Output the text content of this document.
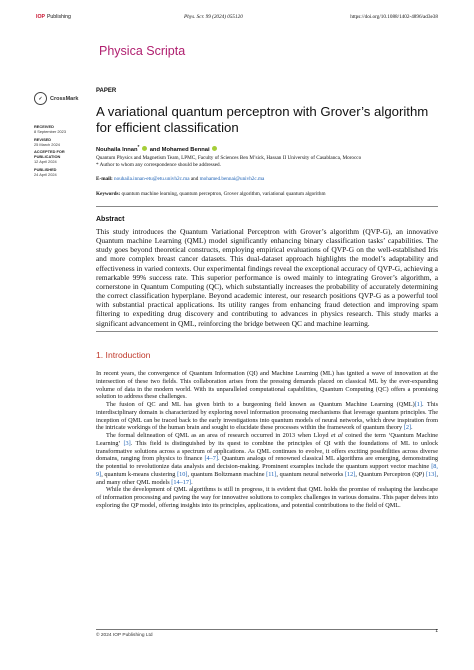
IOP Publishing	Phys. Scr. 99 (2024) 055120	https://doi.org/10.1088/1402-4896/ad3e38
Physica Scripta
✓	CrossMark
RECEIVED
8 September 2023
REVISED
25 March 2024
ACCEPTED FOR PUBLICATION
12 April 2024
PUBLISHED
24 April 2024
PAPER
A variational quantum perceptron with Grover’s algorithm for efficient classification
Nouhaila Innan* and Mohamed Bennai
Quantum Physics and Magnetism Team, LPMC, Faculty of Sciences Ben M’sick, Hassan II University of Casablanca, Morocco
* Author to whom any correspondence should be addressed.
E-mail: nouhaila.innan-etu@etu.univh2c.ma and mohamed.bennai@univh2c.ma
Keywords: quantum machine learning, quantum perceptron, Grover algorithm, variational quantum algorithm
Abstract
This study introduces the Quantum Variational Perceptron with Grover’s algorithm (QVP-G), an innovative Quantum machine Learning (QML) model significantly enhancing binary classification tasks’ capabilities. The study goes beyond theoretical constructs, employing empirical evaluations of QVP-G on the well-established Iris and more complex breast cancer datasets. This dual-dataset approach highlights the model’s adaptability and effectiveness in varied contexts. Our experimental findings reveal the exceptional accuracy of QVP-G, achieving a remarkable 99% success rate. This superior performance is owed mainly to integrating Grover’s algorithm, a cornerstone in Quantum Computing (QC), which substantially increases the probability of accurately determining the correct classification hyperplane. Beyond academic interest, our research positions QVP-G as a powerful tool with substantial practical applications. Its utility ranges from enhancing fraud detection and improving spam filtering to expediting drug discovery and contributing to advances in physics research. This study marks a significant advancement in QML, reinforcing the bridge between QC and machine learning.
1. Introduction

In recent years, the convergence of Quantum Information (QI) and Machine Learning (ML) has ignited a wave of innovation at the intersection of these two fields. This collaboration arises from the pressing demands placed on classical ML by the ever-expanding volume of data in the modern world. With its unparalleled computational capabilities, Quantum Computing (QC) offers a promising solution to address these challenges.

The fusion of QC and ML has given birth to a burgeoning field known as Quantum Machine Learning (QML)[1]. This interdisciplinary domain is characterized by exploring novel information processing mechanisms that leverage quantum principles. The inception of QML can be traced back to the early investigations into quantum models of neural networks, which drew inspiration from the intricate workings of the human brain and sought to elucidate these processes within the framework of quantum theory [2].

The formal delineation of QML as an area of research occurred in 2013 when Lloyd et al coined the term ‘Quantum Machine Learning’ [3]. This field is distinguished by its quest to combine the principles of QI with the foundations of ML to unlock transformative solutions across a spectrum of applications. As QML continues to evolve, it offers exciting possibilities across diverse domains, ranging from physics to finance [4–7]. Quantum analogs of renowned classical ML algorithms are emerging, demonstrating the potential to revolutionize data analysis and decision-making. Prominent examples include the quantum support vector machine [8, 9], quantum k-means clustering [10], quantum Boltzmann machine [11], quantum neural networks [12], Quantum Perceptron (QP) [13], and many other QML models [14–17].

While the development of QML algorithms is still in progress, it is evident that QML holds the promise of reshaping the landscape of information processing and paving the way for innovative solutions to complex challenges in various domains. This paper delves into exploring the QP model, offering insights into its principles, applications, and potential contributions to the field of QML.

© 2024 IOP Publishing Ltd
1
